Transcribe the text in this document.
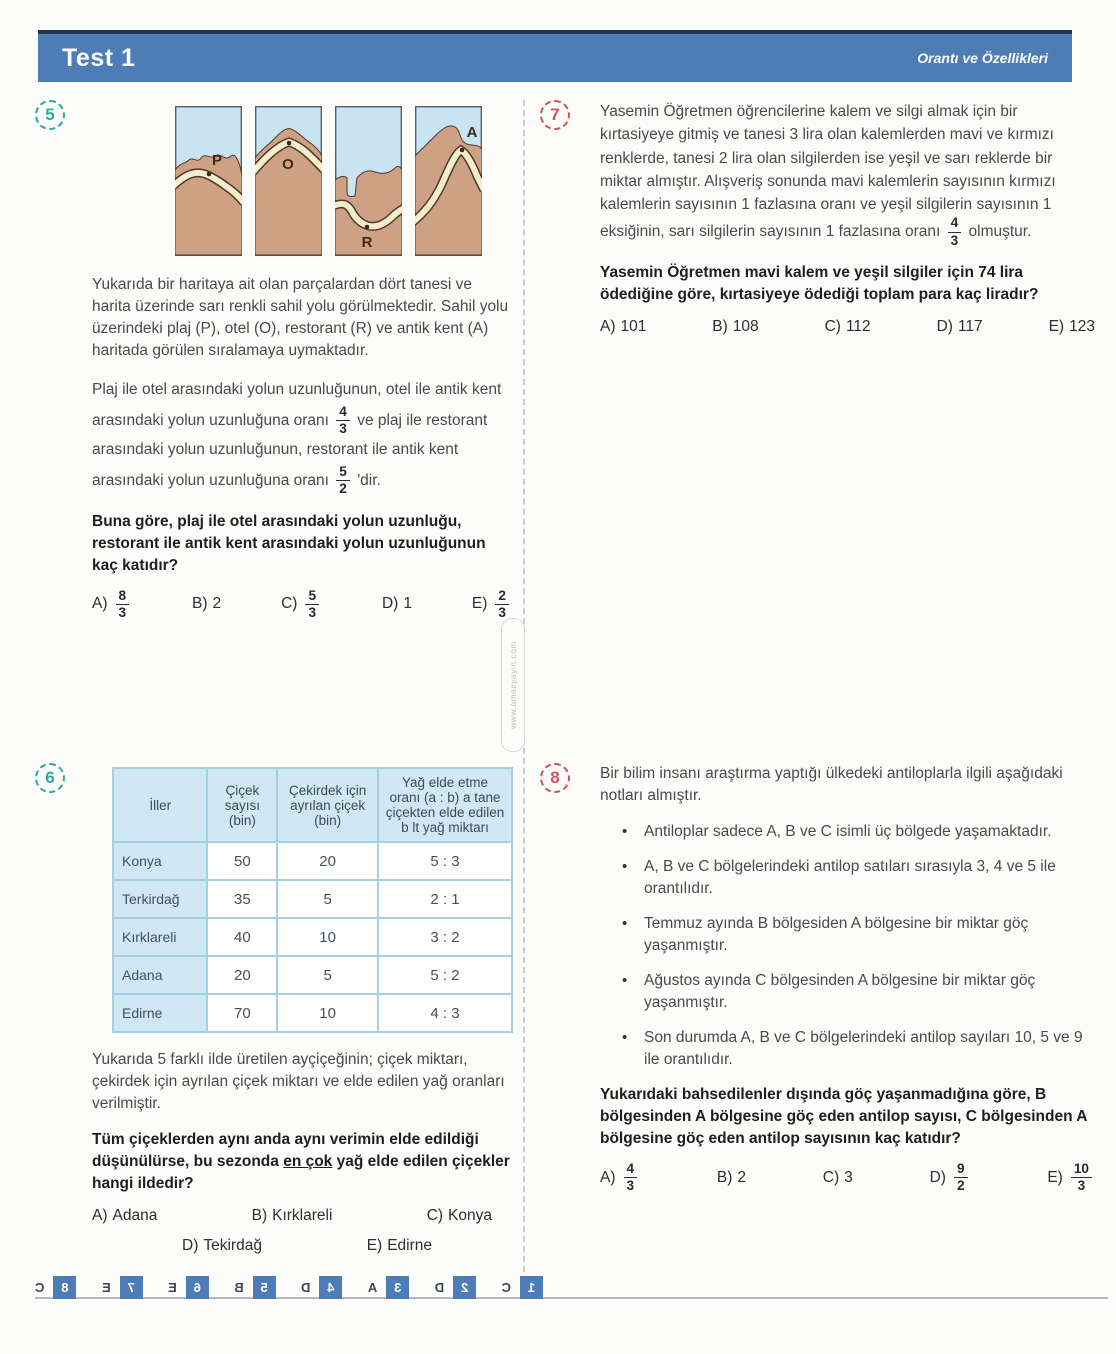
Test 1	Orantı ve Özellikleri
5
P	O
R
A

Yukarıda bir haritaya ait olan parçalardan dört tanesi ve harita üzerinde sarı renkli sahil yolu görülmektedir. Sahil yolu üzerindeki plaj (P), otel (O), restorant (R) ve antik kent (A) haritada görülen sıralamaya uymaktadır.

Plaj ile otel arasındaki yolun uzunluğunun, otel ile antik kent arasındaki yolun uzunluğuna oranı $\frac{4}{3}$ ve plaj ile restorant arasındaki yolun uzunluğunun, restorant ile antik kent arasındaki yolun uzunluğuna oranı $\frac{5}{2}$ 'dir.

Buna göre, plaj ile otel arasındaki yolun uzunluğu, restorant ile antik kent arasındaki yolun uzunluğunun kaç katıdır?

$A) \frac{8}{3}$	B) 2	$C) \frac{5}{3}$	D) 1	$E) \frac{2}{3}$
6
İller	Çiçek sayısı (bin)	Çekirdek için ayrılan çiçek (bin)	Yağ elde etme oranı (a : b) a tane çiçekten elde edilen b lt yağ miktarı
Konya	50	20	5 : 3
Terkirdağ	35	5	2 : 1
Kırklareli	40	10	3 : 2
Adana	20	5	5 : 2
Edirne	70	10	4 : 3

Yukarıda 5 farklı ilde üretilen ayçiçeğinin; çiçek miktarı, çekirdek için ayrılan çiçek miktarı ve elde edilen yağ oranları verilmiştir.

Tüm çiçeklerden aynı anda aynı verimin elde edildiği düşünülürse, bu sezonda en çok yağ elde edilen çiçekler hangi ildedir?

A) Adana	B) Kırklareli	C) Konya
D) Tekirdağ	E) Edirne
7	Yasemin Öğretmen öğrencilerine kalem ve silgi almak için bir kırtasiyeye gitmiş ve tanesi 3 lira olan kalemlerden mavi ve kırmızı renklerde, tanesi 2 lira olan silgilerden ise yeşil ve sarı reklerde bir miktar almıştır. Alışveriş sonunda mavi kalemlerin sayısının kırmızı kalemlerin sayısının 1 fazlasına oranı ve yeşil silgilerin sayısının 1 eksiğinin, sarı silgilerin sayısının 1 fazlasına oranı $\frac{4}{3}$ olmuştur.

Yasemin Öğretmen mavi kalem ve yeşil silgiler için 74 lira ödediğine göre, kırtasiyeye ödediği toplam para kaç liradır?

A) 101	B) 108	C) 112	D) 117	E) 123
8	Bir bilim insanı araştırma yaptığı ülkedeki antiloplarla ilgili aşağıdaki notları almıştır.

• Antiloplar sadece A, B ve C isimli üç bölgede yaşamaktadır.
• A, B ve C bölgelerindeki antilop satıları sırasıyla 3, 4 ve 5 ile orantılıdır.
• Temmuz ayında B bölgesiden A bölgesine bir miktar göç yaşanmıştır.
• Ağustos ayında C bölgesinden A bölgesine bir miktar göç yaşanmıştır.
• Son durumda A, B ve C bölgelerindeki antilop sayıları 10, 5 ve 9 ile orantılıdır.

Yukarıdaki bahsedilenler dışında göç yaşanmadığına göre, B bölgesinden A bölgesine göç eden antilop sayısı, C bölgesinden A bölgesine göç eden antilop sayısının kaç katıdır?

$A) \frac{4}{3}$	B) 2	C) 3	$D) \frac{9}{2}$	$E) \frac{10}{3}$
www.amacyayin.com
1
C
2
D
3
A
4
D
5
B
6
E
7
E
8
C
